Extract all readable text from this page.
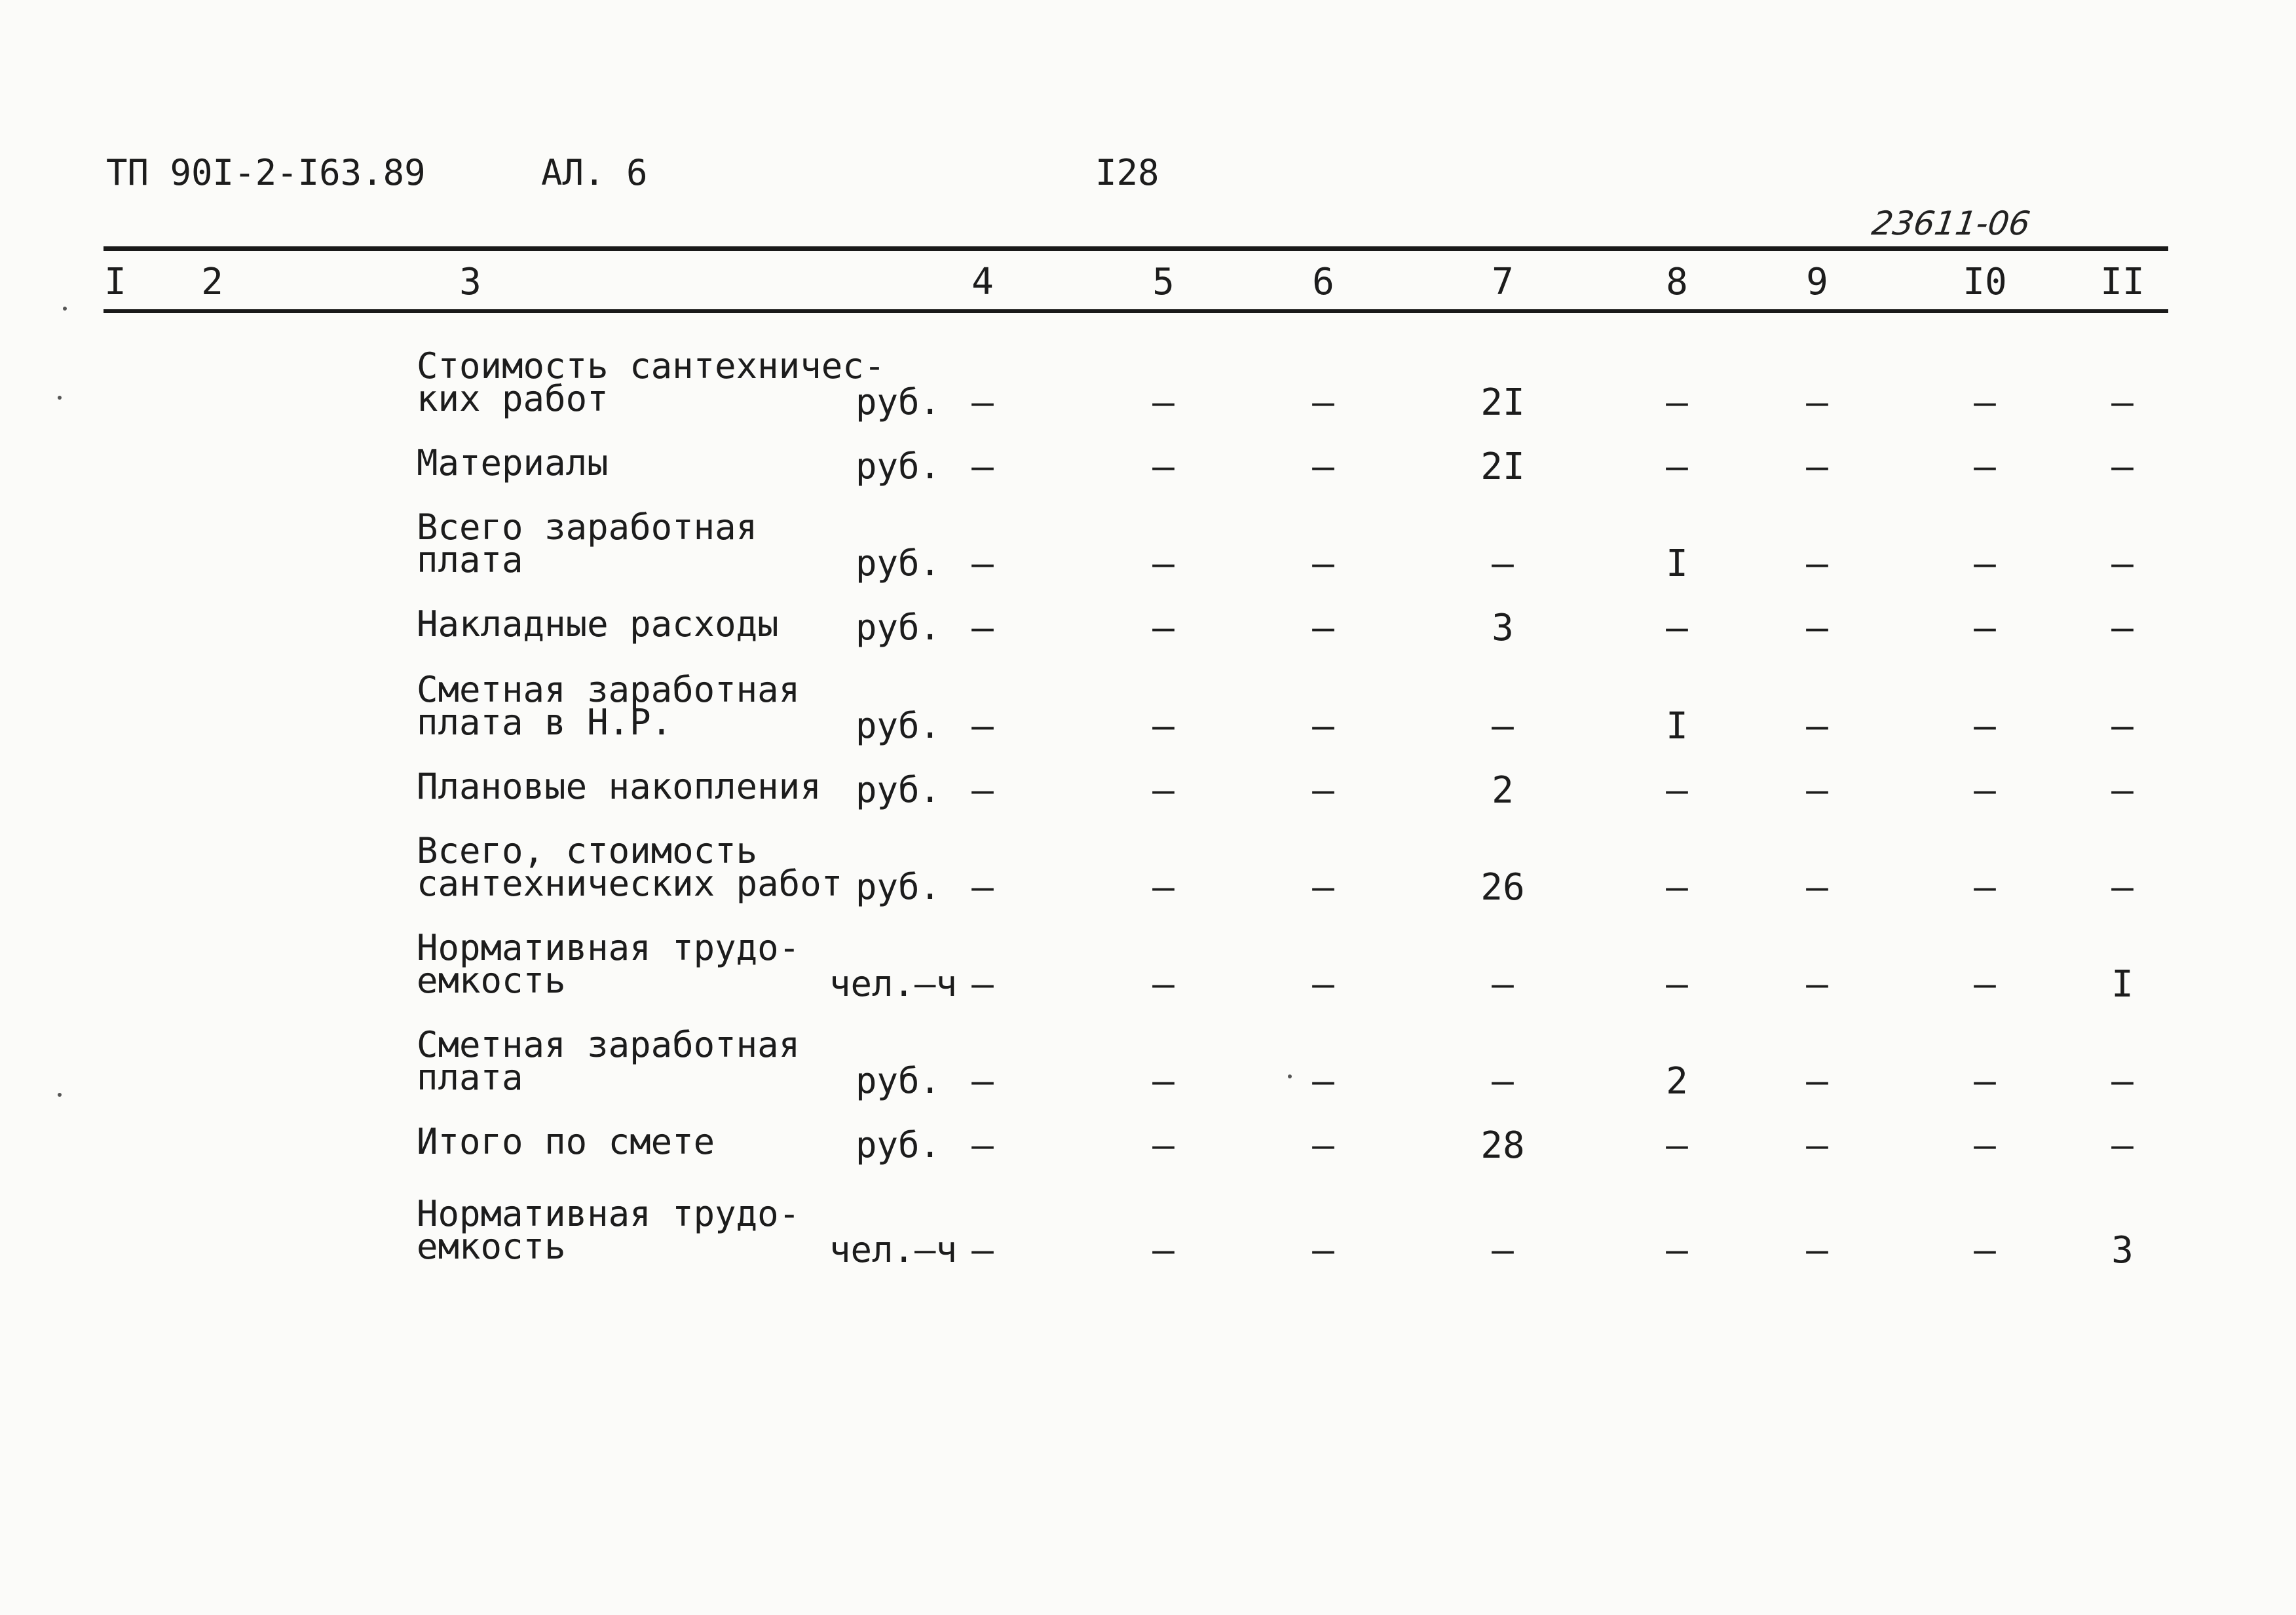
ТП 90I-2-I63.89	АЛ. 6	I28
23611-06
I 2	3	4	5	6	7	8	9	I0	II
Стоимость сантехничес-
ких работ	руб. –	–	–	2I	–	–	–	–
Материалы	руб. –	–	–	2I	–	–	–	–
Всего заработная
плата	руб. –	–	–	–	I	–	–	–
Накладные расходы руб. –	–	–	3	–	–	–	–
Сметная заработная
плата в Н.Р.	руб. –	–	–	–	I	–	–	–
Плановые накопления руб. –	–	–	2	–	–	–	–
Всего, стоимость
сантехнических работ руб. –	–	–	26	–	–	–	–
Нормативная трудо-
емкость	чел.–ч –	–	–	–	–	–	–	I
Сметная заработная
плата	руб. –	–	–	–	2	–	–	–
Итого по смете	руб. –	–	–	28	–	–	–	–
Нормативная трудо-
емкость	чел.–ч –	–	–	–	–	–	–	3
